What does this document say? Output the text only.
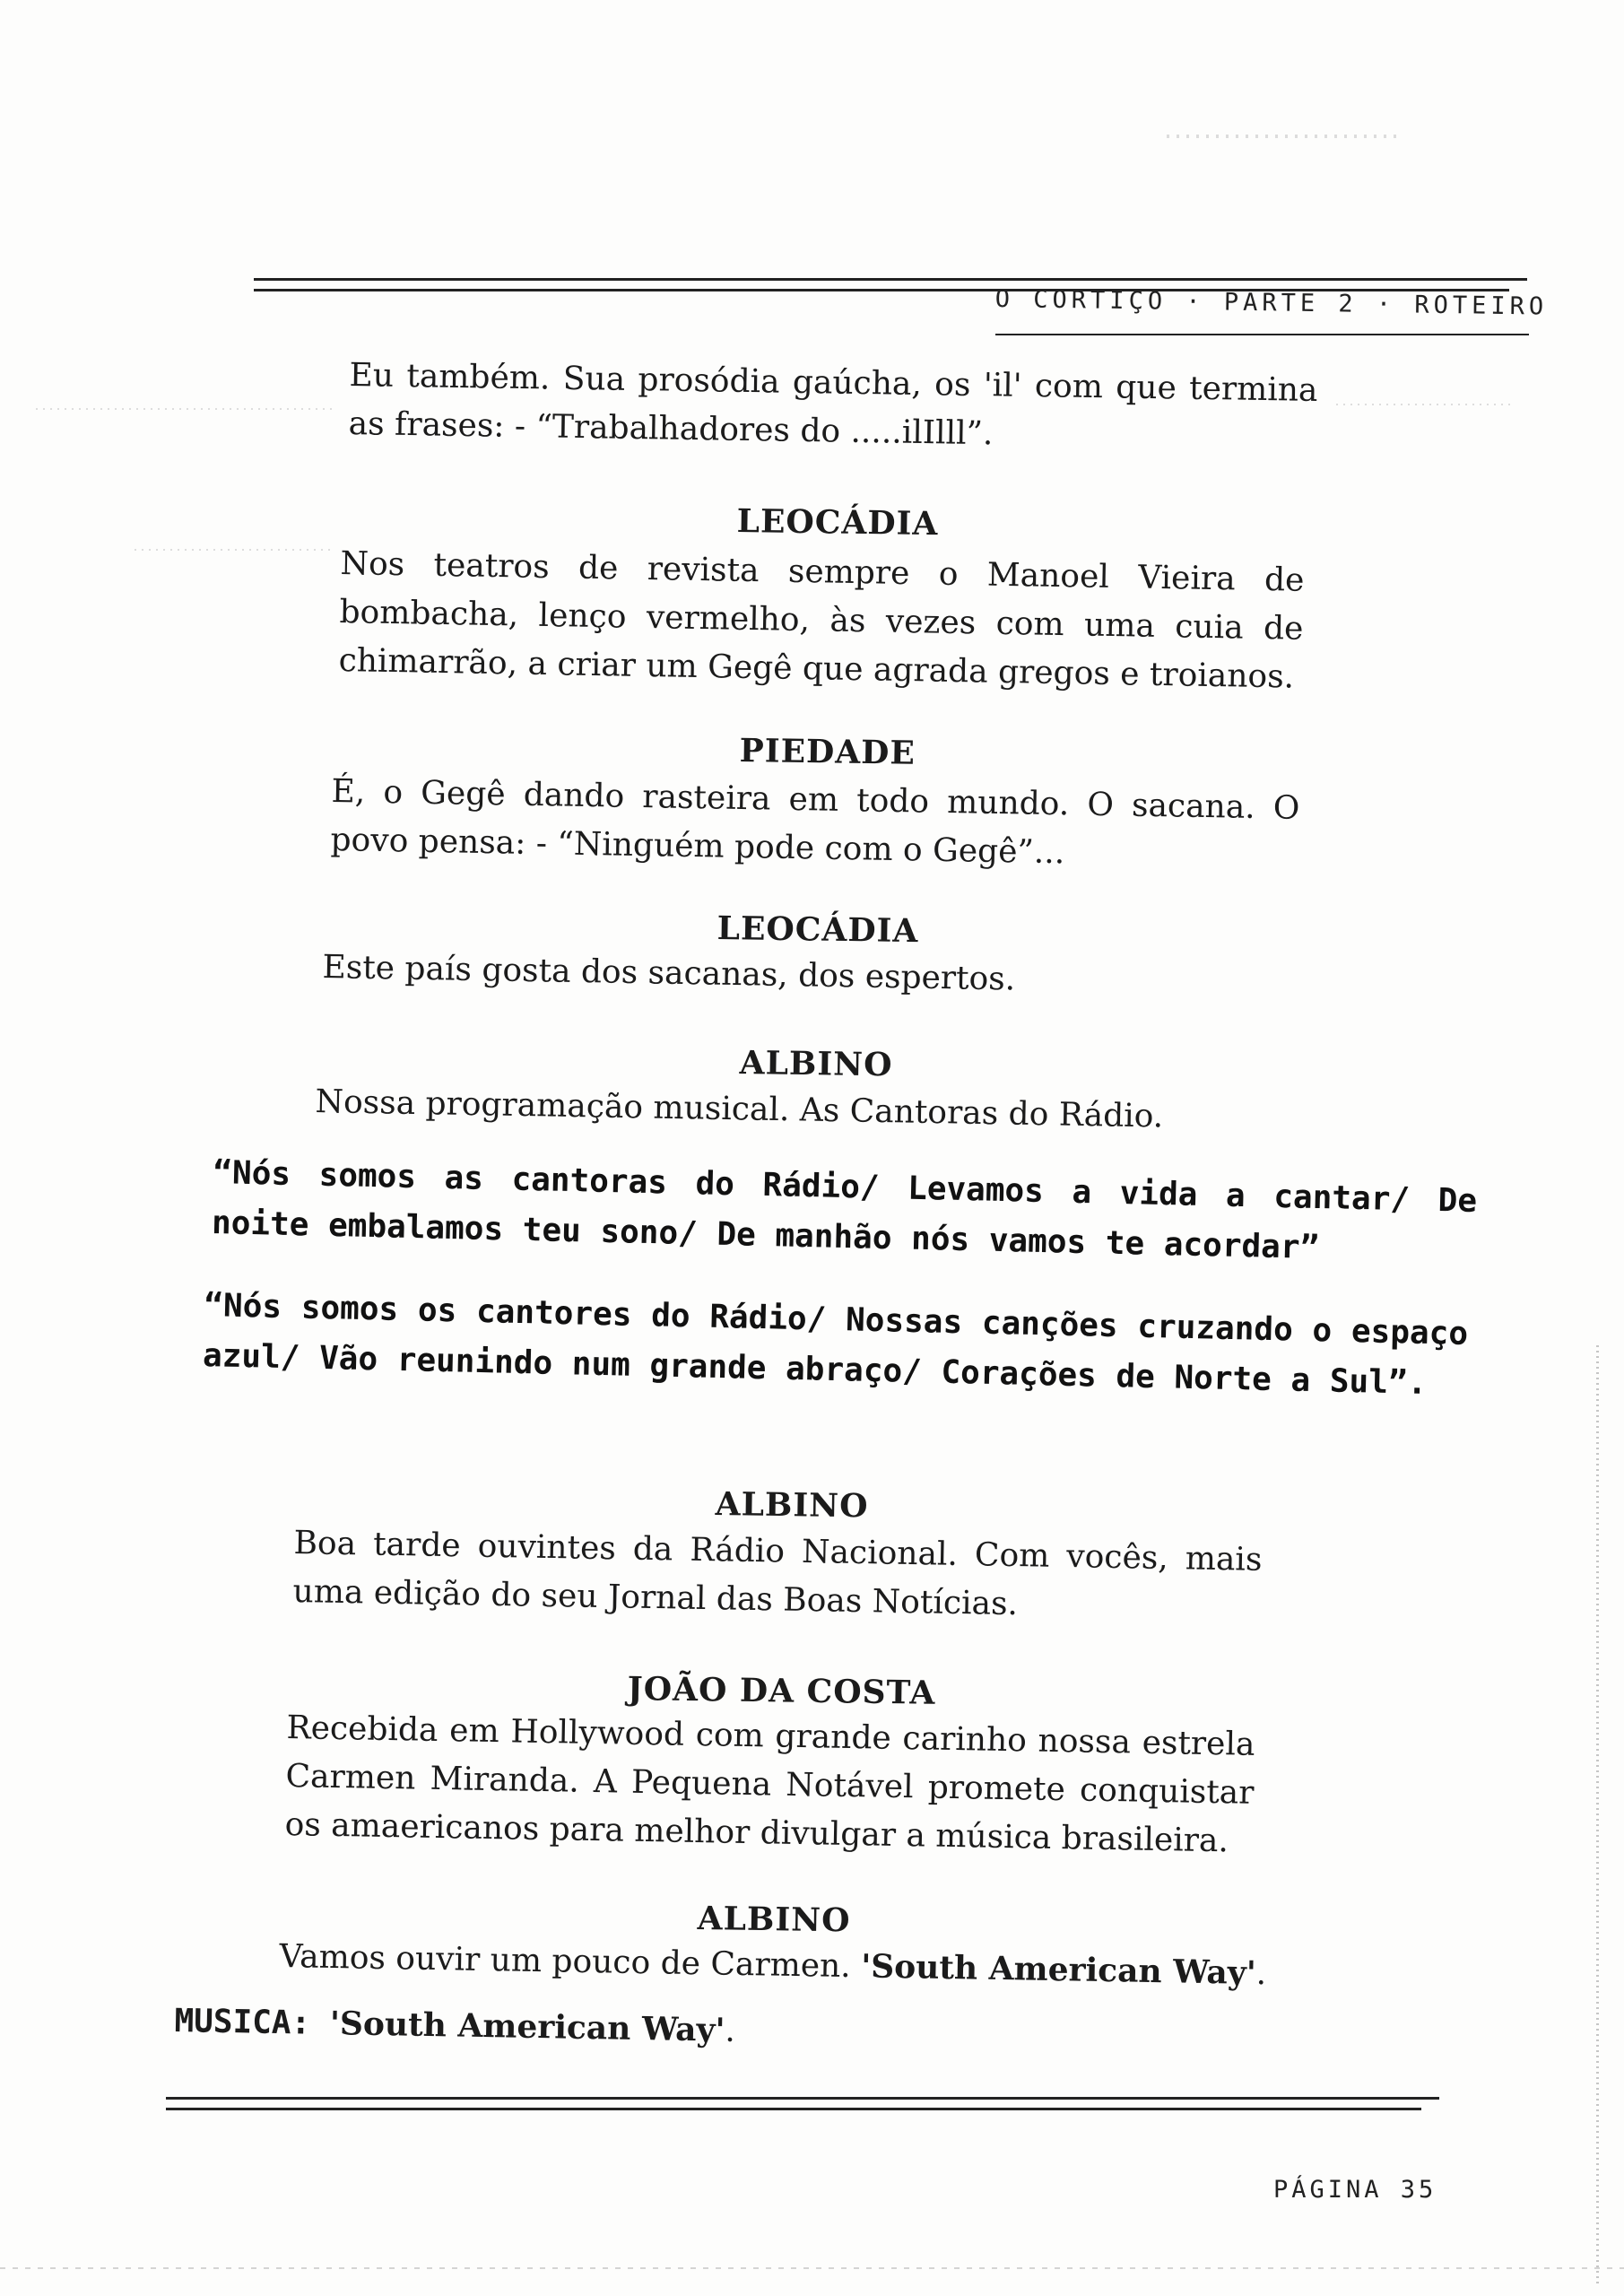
O CORTIÇO · PARTE 2 · ROTEIRO
Eu também. Sua prosódia gaúcha, os 'il' com que termina as frases: - “Trabalhadores do .....ilIlll”.
LEOCÁDIA
Nos teatros de revista sempre o Manoel Vieira de bombacha, lenço vermelho, às vezes com uma cuia de chimarrão, a criar um Gegê que agrada gregos e troianos.
PIEDADE
É, o Gegê dando rasteira em todo mundo. O sacana. O povo pensa: - “Ninguém pode com o Gegê”...
LEOCÁDIA
Este país gosta dos sacanas, dos espertos.
ALBINO
Nossa programação musical. As Cantoras do Rádio.
“Nós somos as cantoras do Rádio/ Levamos a vida a cantar/ De noite embalamos teu sono/ De manhão nós vamos te acordar”
“Nós somos os cantores do Rádio/ Nossas canções cruzando o espaço azul/ Vão reunindo num grande abraço/ Corações de Norte a Sul”.
ALBINO
Boa tarde ouvintes da Rádio Nacional. Com vocês, mais uma edição do seu Jornal das Boas Notícias.
JOÃO DA COSTA
Recebida em Hollywood com grande carinho nossa estrela Carmen Miranda. A Pequena Notável promete conquistar os amaericanos para melhor divulgar a música brasileira.
ALBINO
Vamos ouvir um pouco de Carmen. 'South American Way'.
MUSICA: 'South American Way'.
PÁGINA 35
